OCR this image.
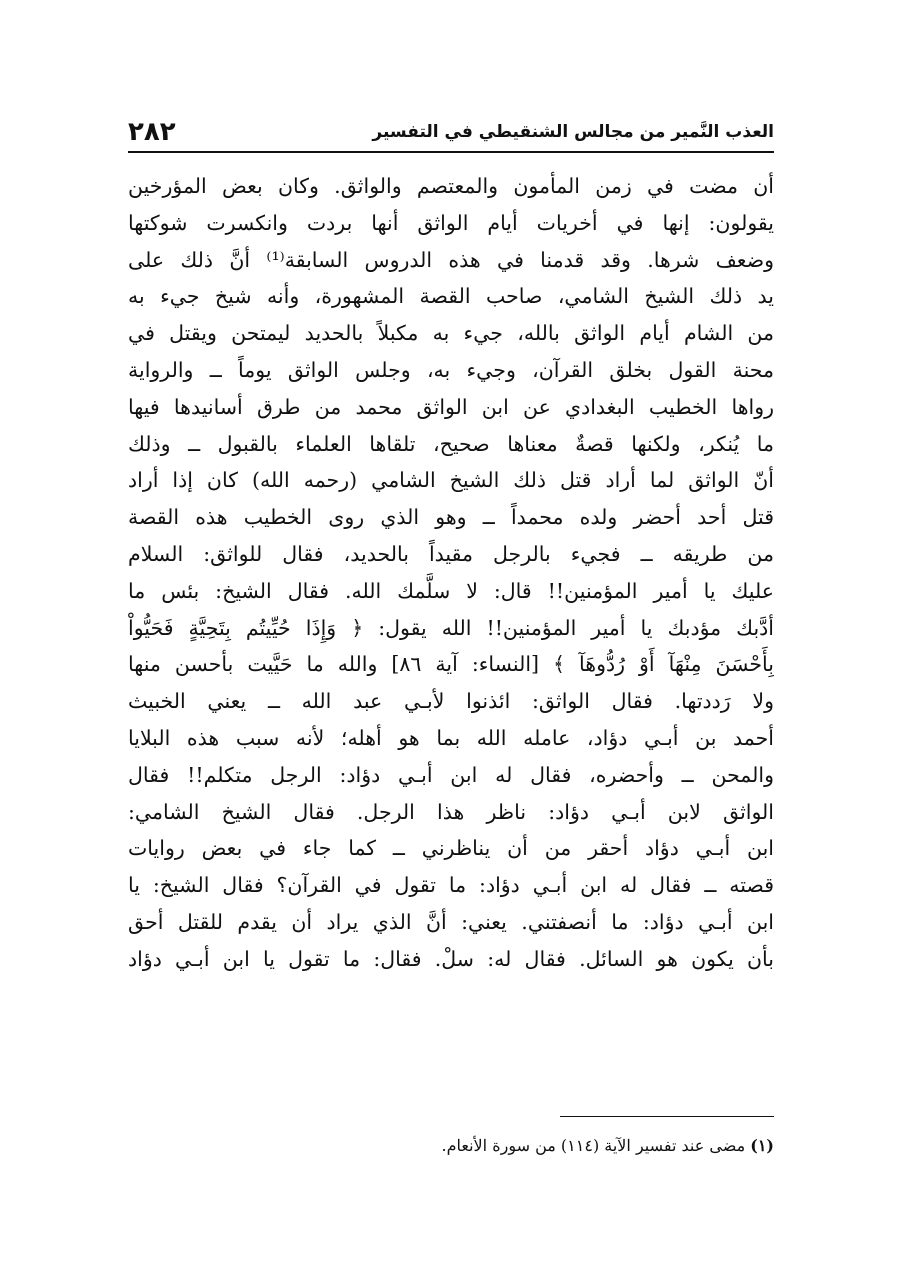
العذب النَّمير من مجالس الشنقيطي في التفسير
٢٨٢
أن مضت في زمن المأمون والمعتصم والواثق. وكان بعض المؤرخين
يقولون: إنها في أخريات أيام الواثق أنها بردت وانكسرت شوكتها
وضعف شرها. وقد قدمنا في هذه الدروس السابقة⁽¹⁾ أنَّ ذلك على
يد ذلك الشيخ الشامي، صاحب القصة المشهورة، وأنه شيخ جيء به
من الشام أيام الواثق بالله، جيء به مكبلاً بالحديد ليمتحن ويقتل في
محنة القول بخلق القرآن، وجيء به، وجلس الواثق يوماً ــ والرواية
رواها الخطيب البغدادي عن ابن الواثق محمد من طرق أسانيدها فيها
ما يُنكر، ولكنها قصةٌ معناها صحيح، تلقاها العلماء بالقبول ــ وذلك
أنّ الواثق لما أراد قتل ذلك الشيخ الشامي (رحمه الله) كان إذا أراد
قتل أحد أحضر ولده محمداً ــ وهو الذي روى الخطيب هذه القصة
من طريقه ــ فجيء بالرجل مقيداً بالحديد، فقال للواثق: السلام
عليك يا أمير المؤمنين!! قال: لا سلَّمك الله. فقال الشيخ: بئس ما
أدَّبك مؤدبك يا أمير المؤمنين!! الله يقول: ﴿ وَإِذَا حُيِّيتُم بِتَحِيَّةٍ فَحَيُّواْ
بِأَحْسَنَ مِنْهَآ أَوْ رُدُّوهَآ ﴾ [النساء: آية ٨٦] والله ما حَيَّيت بأحسن منها
ولا رَددتها. فقال الواثق: ائذنوا لأبـي عبد الله ــ يعني الخبيث
أحمد بن أبـي دؤاد، عامله الله بما هو أهله؛ لأنه سبب هذه البلايا
والمحن ــ وأحضره، فقال له ابن أبـي دؤاد: الرجل متكلم!! فقال
الواثق لابن أبـي دؤاد: ناظر هذا الرجل. فقال الشيخ الشامي:
ابن أبـي دؤاد أحقر من أن يناظرني ــ كما جاء في بعض روايات
قصته ــ فقال له ابن أبـي دؤاد: ما تقول في القرآن؟ فقال الشيخ: يا
ابن أبـي دؤاد: ما أنصفتني. يعني: أنَّ الذي يراد أن يقدم للقتل أحق
بأن يكون هو السائل. فقال له: سلْ. فقال: ما تقول يا ابن أبـي دؤاد
(١) مضى عند تفسير الآية (١١٤) من سورة الأنعام.
